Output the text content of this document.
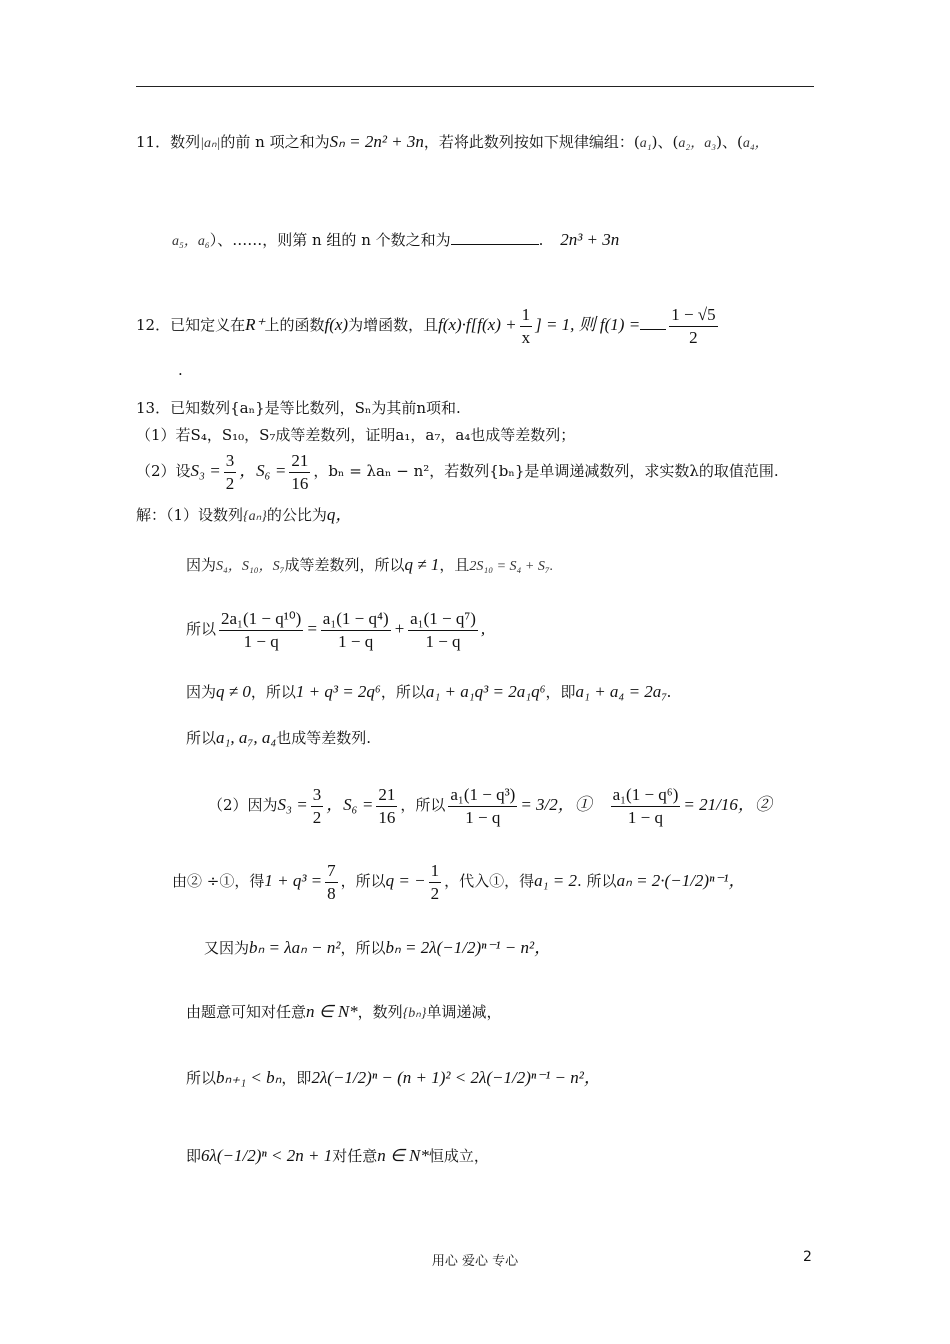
11．数列|aₙ|的前 n 项之和为Sₙ = 2n² + 3n，若将此数列按如下规律编组：(a₁)、(a₂，a₃)、(a₄，
a₅，a₆）、……，则第 n 组的 n 个数之和为	. 2n³ + 3n
12．已知定义在R⁺上的函数f(x)为增函数，且$f(x)\cdot f[f(x) + \frac{1}{x}$ ] = 1, 则 $f(1) = \frac{1 - √5}{2}$
.
13．已知数列{aₙ}是等比数列，Sₙ为其前n项和.
（1）若S₄，S₁₀，S₇成等差数列，证明a₁，a₇，a₄也成等差数列；
（2）设$S_3 = \frac{3}{2}$ ，$S_6 = \frac{21}{16}$ ，bₙ = λaₙ − n²，若数列{bₙ}是单调递减数列，求实数λ的取值范围.
解：（1）设数列{aₙ}的公比为q，
因为S₄，S₁₀，S₇成等差数列，所以q ≠ 1，且2S₁₀ = S₄ + S₇.
所以 $\frac{\text{2a₁(1 − q¹⁰)}}{1 - q} = \frac{\text{a₁(1 − q⁴)}}{1 - q} + \frac{\text{a₁(1 − q⁷)}}{1 - q}$ ,
因为q ≠ 0，所以1 + q³ = 2q⁶，所以a₁ + a₁q³ = 2a₁q⁶，即a₁ + a₄ = 2a₇.
所以a₁, a₇, a₄也成等差数列.
（2）因为$S_3 = \frac{3}{2}$ ，$S_6 = \frac{21}{16}$ ，所以 $\frac{\text{a₁(1 − q³)}}{1 - q} = 3/2$，① $\frac{\text{a₁(1 − q⁶)}}{1 - q} = 21/16$，②
由② ÷①，得$1 + q^3 = \frac{7}{8}$ ，所以q = − $\frac{1}{2}$ ，代入①，得a₁ = 2. 所以aₙ = 2·(−1/2)ⁿ⁻¹，
又因为bₙ = λaₙ − n²，所以bₙ = 2λ(−1/2)ⁿ⁻¹ − n²，
由题意可知对任意n ∈ N*，数列{bₙ}单调递减，
所以bₙ₊₁ < bₙ，即2λ(−1/2)ⁿ − (n + 1)² < 2λ(−1/2)ⁿ⁻¹ − n²，
即6λ(−1/2)ⁿ < 2n + 1对任意n ∈ N*恒成立，
用心 爱心 专心	2
